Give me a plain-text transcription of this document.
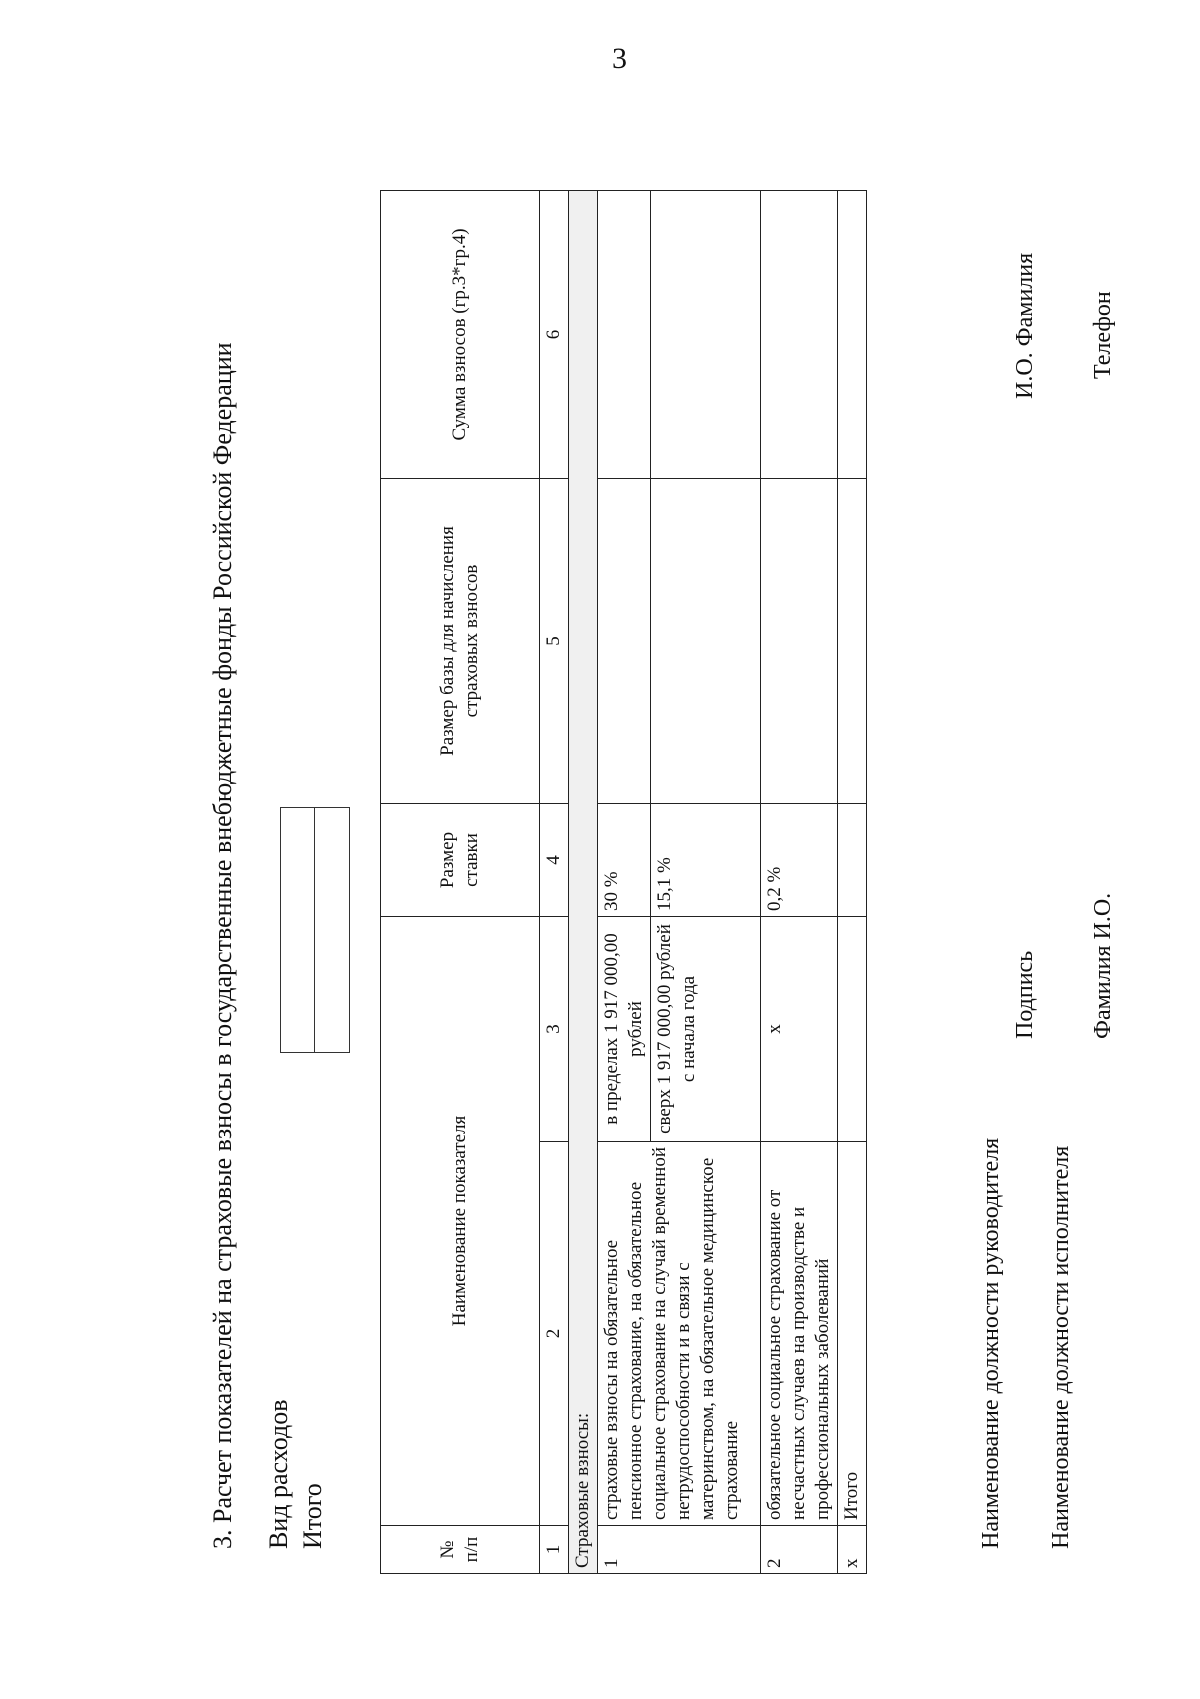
3
3. Расчет показателей на страховые взносы в государственные внебюджетные фонды Российской Федерации Вид расходов Итого
№ п/п	Наименование показателя		Размер ставки	Размер базы для начисления страховых взносов	Сумма взносов (гр.3*гр.4)
1	2	3	4	5	6
Страховые взносы:					
1	страховые взносы на обязательное пенсионное страхование, на обязательное социальное страхование на случай временной нетрудоспособности и в связи с материнством, на обязательное медицинское страхование	в пределах 1 917 000,00 рублей	30 %		
		сверх 1 917 000,00 рублей с начала года	15,1 %		
2	обязательное социальное страхование от несчастных случаев на производстве и профессиональных заболеваний	х	0,2 %		
х	Итого					Наименование должности руководителя
Подпись
И.О. Фамилия
Наименование должности исполнителя
Фамилия И.О.
Телефон
